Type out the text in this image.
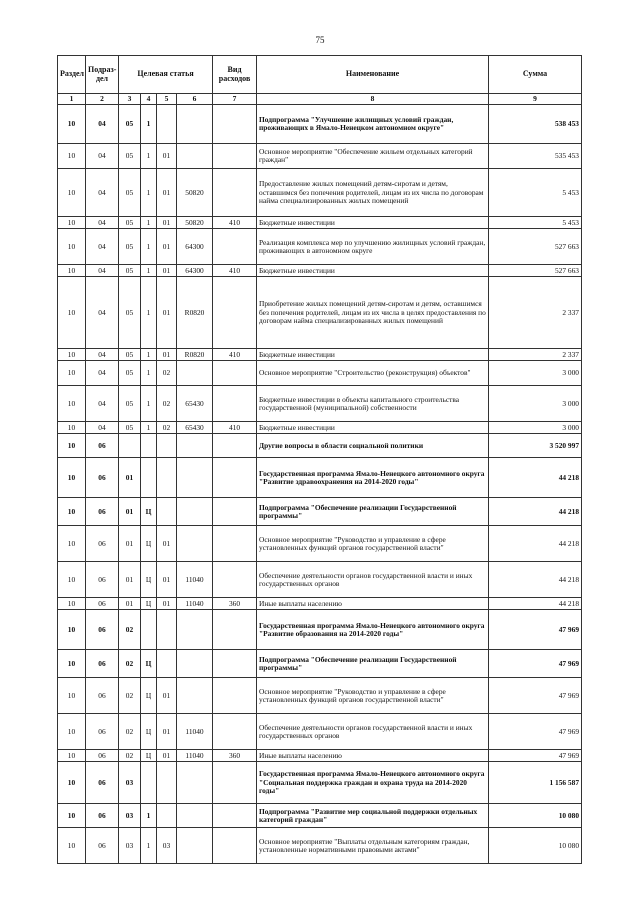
75
Раздел	Подраз-дел	Целевая статья				Вид расходов	Наименование	Сумма
1	2	3	4	5	6	7	8	9
10	04	05	1				Подпрограмма "Улучшение жилищных условий граждан, проживающих в Ямало-Ненецком автономном округе"	538 453
10	04	05	1	01			Основное мероприятие "Обеспечение жильем отдельных категорий граждан"	535 453
10	04	05	1	01	50820		Предоставление жилых помещений детям-сиротам и детям, оставшимся без попечения родителей, лицам из их числа по договорам найма специализированных жилых помещений	5 453
10	04	05	1	01	50820	410	Бюджетные инвестиции	5 453
10	04	05	1	01	64300		Реализация комплекса мер по улучшению жилищных условий граждан, проживающих в автономном округе	527 663
10	04	05	1	01	64300	410	Бюджетные инвестиции	527 663
10	04	05	1	01	R0820		Приобретение жилых помещений детям-сиротам и детям, оставшимся без попечения родителей, лицам из их числа в целях предоставления по договорам найма специализированных жилых помещений	2 337
10	04	05	1	01	R0820	410	Бюджетные инвестиции	2 337
10	04	05	1	02			Основное мероприятие "Строительство (реконструкция) объектов"	3 000
10	04	05	1	02	65430		Бюджетные инвестиции в объекты капитального строительства государственной (муниципальной) собственности	3 000
10	04	05	1	02	65430	410	Бюджетные инвестиции	3 000
10	06						Другие вопросы в области социальной политики	3 520 997
10	06	01					Государственная программа Ямало-Ненецкого автономного округа "Развитие здравоохранения на 2014-2020 годы"	44 218
10	06	01	Ц				Подпрограмма "Обеспечение реализации Государственной программы"	44 218
10	06	01	Ц	01			Основное мероприятие "Руководство и управление в сфере установленных функций органов государственной власти"	44 218
10	06	01	Ц	01	11040		Обеспечение деятельности органов государственной власти и иных государственных органов	44 218
10	06	01	Ц	01	11040	360	Иные выплаты населению	44 218
10	06	02					Государственная программа Ямало-Ненецкого автономного округа "Развитие образования на 2014-2020 годы"	47 969
10	06	02	Ц				Подпрограмма "Обеспечение реализации Государственной программы"	47 969
10	06	02	Ц	01			Основное мероприятие "Руководство и управление в сфере установленных функций органов государственной власти"	47 969
10	06	02	Ц	01	11040		Обеспечение деятельности органов государственной власти и иных государственных органов	47 969
10	06	02	Ц	01	11040	360	Иные выплаты населению	47 969
10	06	03					Государственная программа Ямало-Ненецкого автономного округа "Социальная поддержка граждан и охрана труда на 2014-2020 годы"	1 156 587
10	06	03	1				Подпрограмма "Развитие мер социальной поддержки отдельных категорий граждан"	10 080
10	06	03	1	03			Основное мероприятие "Выплаты отдельным категориям граждан, установленные нормативными правовыми актами"	10 080
